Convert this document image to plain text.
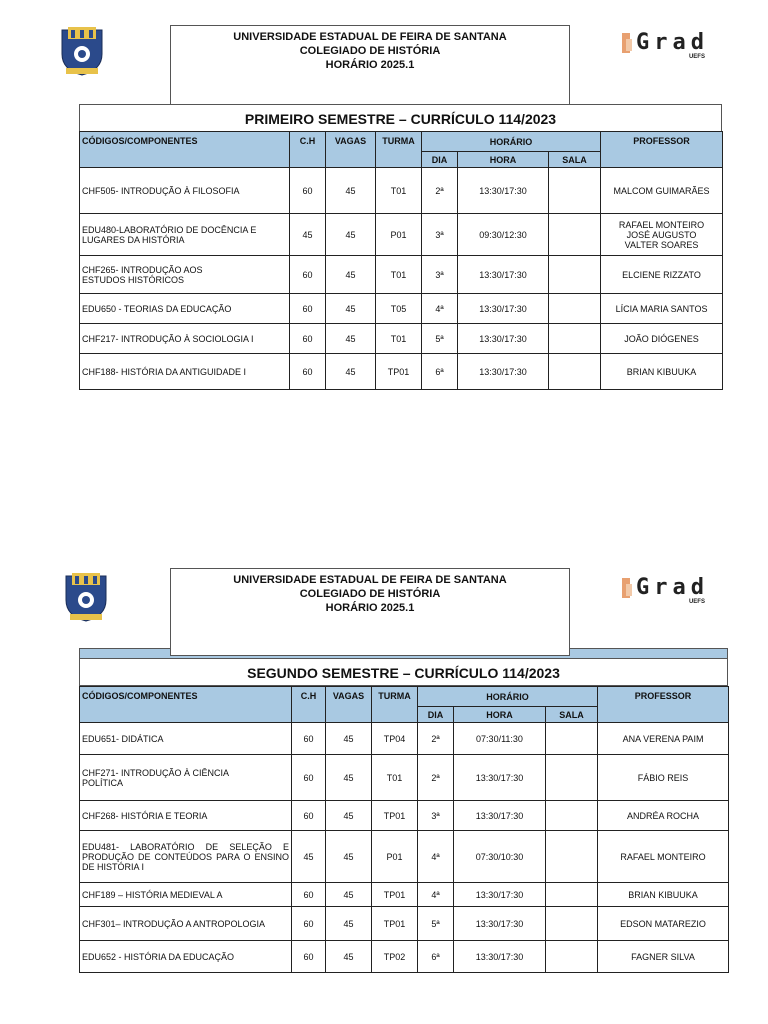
UNIVERSIDADE ESTADUAL DE FEIRA DE SANTANA
COLEGIADO DE HISTÓRIA
HORÁRIO 2025.1
Grad
UEFS
PRIMEIRO SEMESTRE – CURRÍCULO 114/2023
CÓDIGOS/COMPONENTES	C.H	VAGAS	TURMA	HORÁRIO			PROFESSOR
				DIA	HORA	SALA	
CHF505- INTRODUÇÃO À FILOSOFIA	60	45	T01	2ª	13:30/17:30		MALCOM GUIMARÃES
EDU480-LABORATÓRIO DE DOCÊNCIA E LUGARES DA HISTÓRIA	45	45	P01	3ª	09:30/12:30		RAFAEL MONTEIRO
JOSÉ AUGUSTO
VALTER SOARES
CHF265- INTRODUÇÃO AOS
ESTUDOS HISTÓRICOS	60	45	T01	3ª	13:30/17:30		ELCIENE RIZZATO
EDU650 - TEORIAS DA EDUCAÇÃO	60	45	T05	4ª	13:30/17:30		LÍCIA MARIA SANTOS
CHF217- INTRODUÇÃO À SOCIOLOGIA I	60	45	T01	5ª	13:30/17:30		JOÃO DIÓGENES
CHF188- HISTÓRIA DA ANTIGUIDADE I	60	45	TP01	6ª	13:30/17:30		BRIAN KIBUUKA
UNIVERSIDADE ESTADUAL DE FEIRA DE SANTANA
COLEGIADO DE HISTÓRIA
HORÁRIO 2025.1
Grad
UEFS
SEGUNDO SEMESTRE – CURRÍCULO 114/2023
CÓDIGOS/COMPONENTES	C.H	VAGAS	TURMA	HORÁRIO			PROFESSOR
				DIA	HORA	SALA	
EDU651- DIDÁTICA	60	45	TP04	2ª	07:30/11:30		ANA VERENA PAIM
CHF271- INTRODUÇÃO À CIÊNCIA
POLÍTICA	60	45	T01	2ª	13:30/17:30		FÁBIO REIS
CHF268- HISTÓRIA E TEORIA	60	45	TP01	3ª	13:30/17:30		ANDRÉA ROCHA
EDU481- LABORATÓRIO DE SELEÇÃO E PRODUÇÃO DE CONTEÚDOS PARA O ENSINO DE HISTÓRIA I	45	45	P01	4ª	07:30/10:30		RAFAEL MONTEIRO
CHF189 – HISTÓRIA MEDIEVAL A	60	45	TP01	4ª	13:30/17:30		BRIAN KIBUUKA
CHF301– INTRODUÇÃO A ANTROPOLOGIA	60	45	TP01	5ª	13:30/17:30		EDSON MATAREZIO
EDU652 - HISTÓRIA DA EDUCAÇÃO	60	45	TP02	6ª	13:30/17:30		FAGNER SILVA
